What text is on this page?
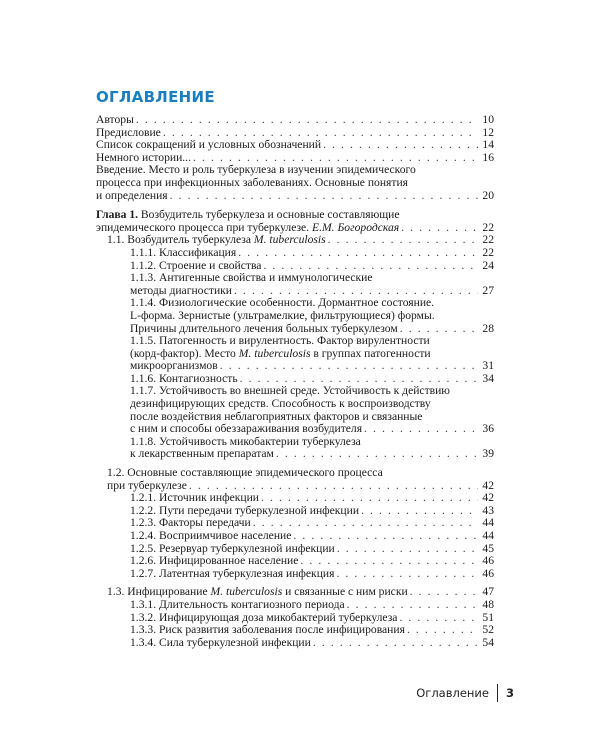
ОГЛАВЛЕНИЕ
Авторы . . .	10
Предисловие . . .	12
Список сокращений и условных обозначений . . .	14
Немного истории... . . .	16
Введение. Место и роль туберкулеза в изучении эпидемического
процесса при инфекционных заболеваниях. Основные понятия
и определения . . .	20
Глава 1. Возбудитель туберкулеза и основные составляющие
эпидемического процесса при туберкулезе. Е.М. Богородская . . .	22
1.1. Возбудитель туберкулеза M. tuberculosis . . .	22
1.1.1. Классификация . . .	22
1.1.2. Строение и свойства . . .	24
1.1.3. Антигенные свойства и иммунологические
методы диагностики . . .	27
1.1.4. Физиологические особенности. Дормантное состояние.
L-форма. Зернистые (ультрамелкие, фильтрующиеся) формы.
Причины длительного лечения больных туберкулезом . . .	28
1.1.5. Патогенность и вирулентность. Фактор вирулентности
(корд-фактор). Место M. tuberculosis в группах патогенности
микроорганизмов . . .	31
1.1.6. Контагиозность . . .	34
1.1.7. Устойчивость во внешней среде. Устойчивость к действию
дезинфицирующих средств. Способность к воспроизводству
после воздействия неблагоприятных факторов и связанные
с ним и способы обеззараживания возбудителя . . .	36
1.1.8. Устойчивость микобактерии туберкулеза
к лекарственным препаратам . . .	39
1.2. Основные составляющие эпидемического процесса
при туберкулезе . . .	42
1.2.1. Источник инфекции . . .	42
1.2.2. Пути передачи туберкулезной инфекции . . .	43
1.2.3. Факторы передачи . . .	44
1.2.4. Восприимчивое население . . .	44
1.2.5. Резервуар туберкулезной инфекции . . .	45
1.2.6. Инфицированное население . . .	46
1.2.7. Латентная туберкулезная инфекция . . .	46
1.3. Инфицирование M. tuberculosis и связанные с ним риски . . .	47
1.3.1. Длительность контагиозного периода . . .	48
1.3.2. Инфицирующая доза микобактерий туберкулеза . . .	51
1.3.3. Риск развития заболевания после инфицирования . . .	52
1.3.4. Сила туберкулезной инфекции . . .	54
Оглавление 3
